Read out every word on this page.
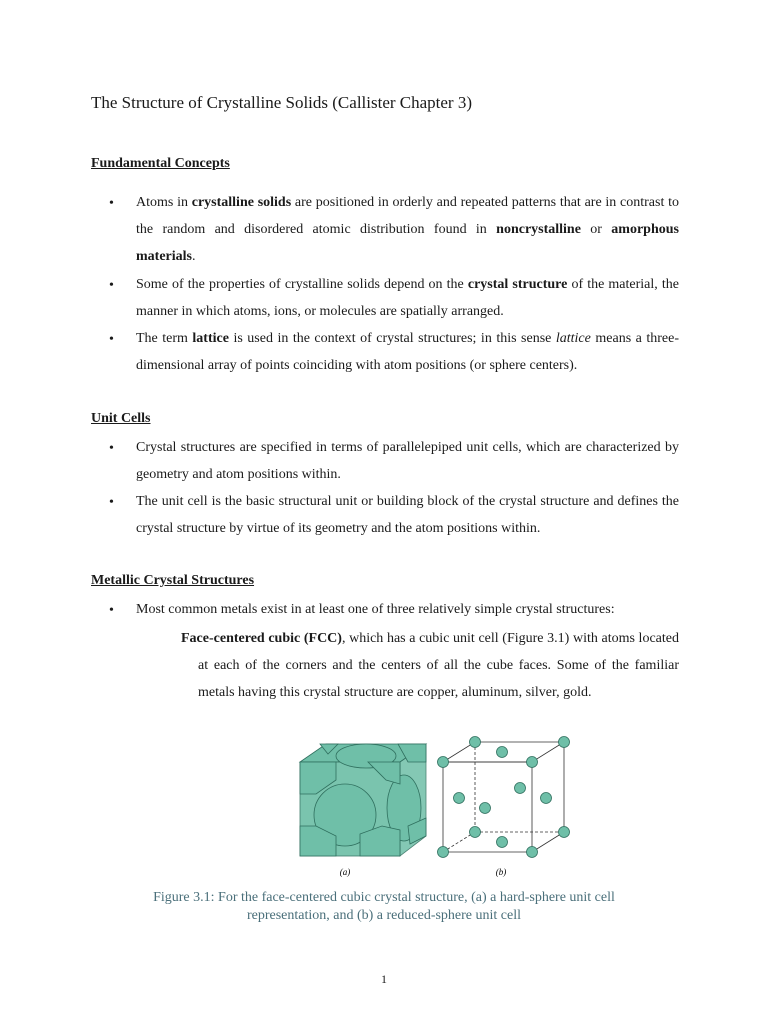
The Structure of Crystalline Solids (Callister Chapter 3)
Fundamental Concepts

Atoms in crystalline solids are positioned in orderly and repeated patterns that are in contrast to the random and disordered atomic distribution found in noncrystalline or amorphous materials.

Some of the properties of crystalline solids depend on the crystal structure of the material, the manner in which atoms, ions, or molecules are spatially arranged.

The term lattice is used in the context of crystal structures; in this sense lattice means a three-dimensional array of points coinciding with atom positions (or sphere centers).

Unit Cells

Crystal structures are specified in terms of parallelepiped unit cells, which are characterized by geometry and atom positions within.

The unit cell is the basic structural unit or building block of the crystal structure and defines the crystal structure by virtue of its geometry and the atom positions within.

Metallic Crystal Structures

Most common metals exist in at least one of three relatively simple crystal structures:

Face-centered cubic (FCC), which has a cubic unit cell (Figure 3.1) with atoms located at each of the corners and the centers of all the cube faces. Some of the familiar metals having this crystal structure are copper, aluminum, silver, gold.

(a)	(b)
Figure 3.1: For the face-centered cubic crystal structure, (a) a hard-sphere unit cell
representation, and (b) a reduced-sphere unit cell
1
